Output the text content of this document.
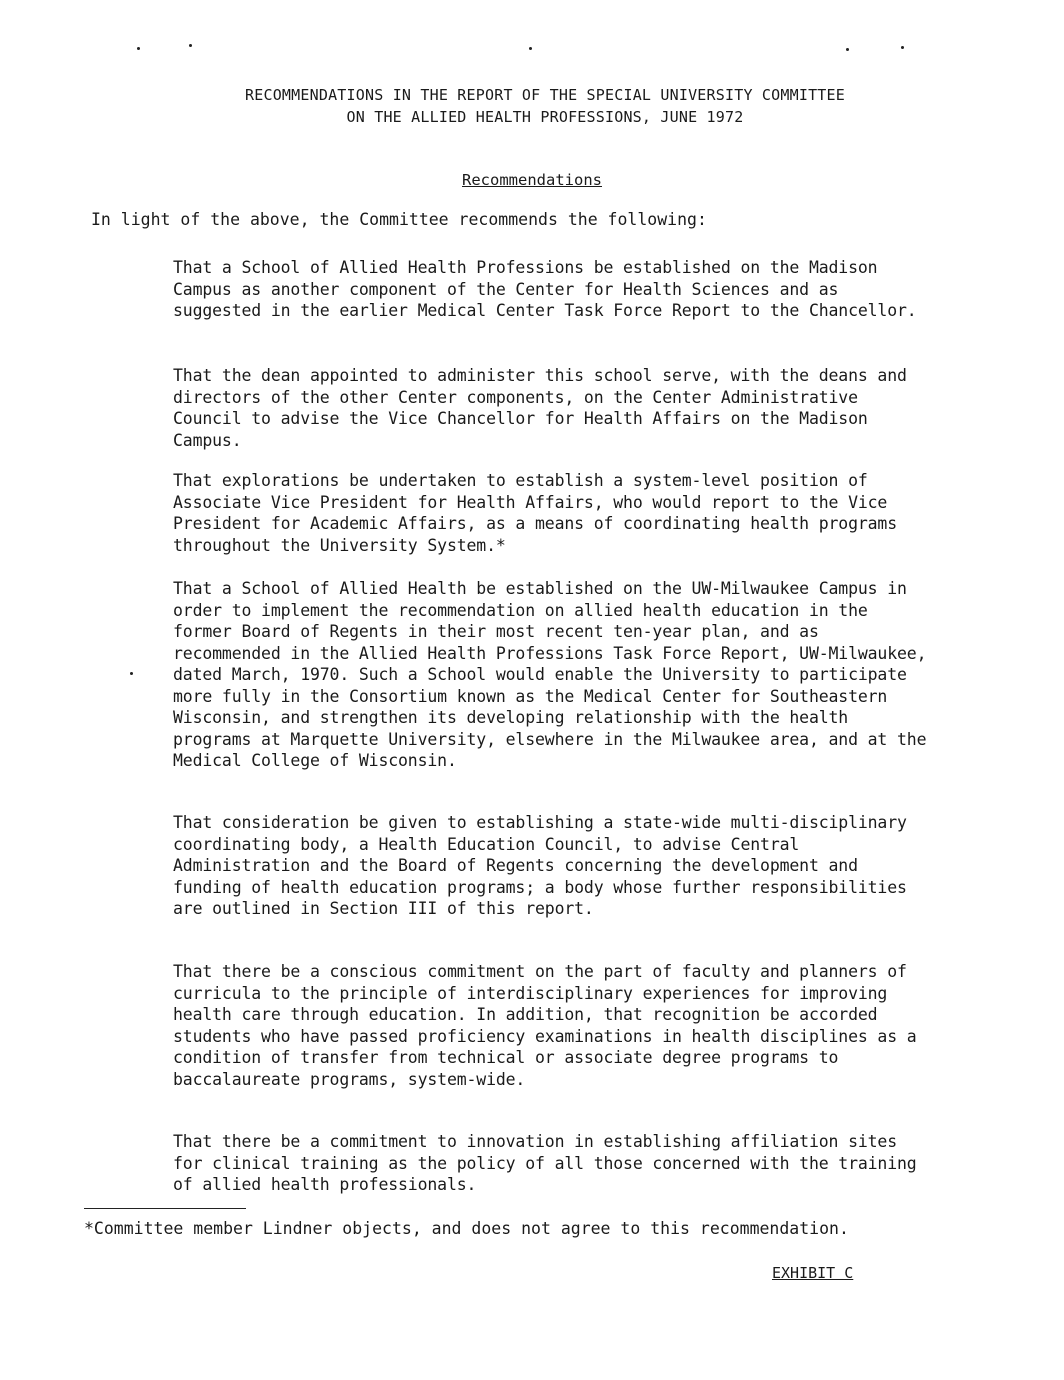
RECOMMENDATIONS IN THE REPORT OF THE SPECIAL UNIVERSITY COMMITTEE
ON THE ALLIED HEALTH PROFESSIONS, JUNE 1972
Recommendations
In light of the above, the Committee recommends the following:
That a School of Allied Health Professions be established on the Madison Campus as another component of the Center for Health Sciences and as suggested in the earlier Medical Center Task Force Report to the Chancellor.
That the dean appointed to administer this school serve, with the deans and directors of the other Center components, on the Center Administrative Council to advise the Vice Chancellor for Health Affairs on the Madison Campus.
That explorations be undertaken to establish a system-level position of Associate Vice President for Health Affairs, who would report to the Vice President for Academic Affairs, as a means of coordinating health programs throughout the University System.*
That a School of Allied Health be established on the UW-Milwaukee Campus in order to implement the recommendation on allied health education in the former Board of Regents in their most recent ten-year plan, and as recommended in the Allied Health Professions Task Force Report, UW-Milwaukee, dated March, 1970. Such a School would enable the University to participate more fully in the Consortium known as the Medical Center for Southeastern Wisconsin, and strengthen its developing relationship with the health programs at Marquette University, elsewhere in the Milwaukee area, and at the Medical College of Wisconsin.
That consideration be given to establishing a state-wide multi-disciplinary coordinating body, a Health Education Council, to advise Central Administration and the Board of Regents concerning the development and funding of health education programs; a body whose further responsibilities are outlined in Section III of this report.
That there be a conscious commitment on the part of faculty and planners of curricula to the principle of interdisciplinary experiences for improving health care through education. In addition, that recognition be accorded students who have passed proficiency examinations in health disciplines as a condition of transfer from technical or associate degree programs to baccalaureate programs, system-wide.
That there be a commitment to innovation in establishing affiliation sites for clinical training as the policy of all those concerned with the training of allied health professionals.
*Committee member Lindner objects, and does not agree to this recommendation.
EXHIBIT C
